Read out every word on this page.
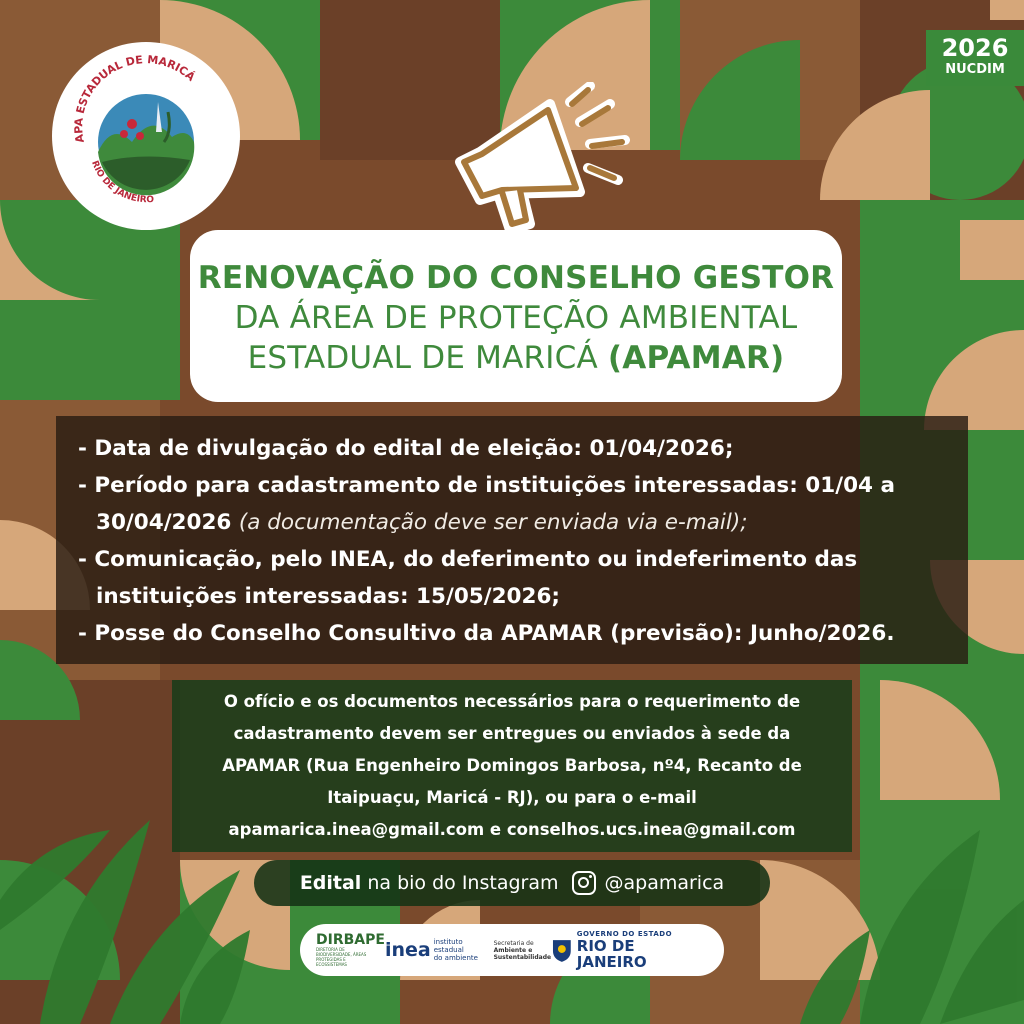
2026
NUCDIM
APA ESTADUAL DE MARICÁ
RIO DE JANEIRO
RENOVAÇÃO DO CONSELHO GESTOR
DA ÁREA DE PROTEÇÃO AMBIENTAL
ESTADUAL DE MARICÁ (APAMAR)
- Data de divulgação do edital de eleição: 01/04/2026;
- Período para cadastramento de instituições interessadas: 01/04 a
30/04/2026 (a documentação deve ser enviada via e-mail);
- Comunicação, pelo INEA, do deferimento ou indeferimento das
instituições interessadas: 15/05/2026;
- Posse do Conselho Consultivo da APAMAR (previsão): Junho/2026.
O ofício e os documentos necessários para o requerimento de
cadastramento devem ser entregues ou enviados à sede da
APAMAR (Rua Engenheiro Domingos Barbosa, nº4, Recanto de
Itaipuaçu, Maricá - RJ), ou para o e-mail
apamarica.inea@gmail.com e conselhos.ucs.inea@gmail.com
Edital na bio do Instagram @apamarica
DIRBAPE
DIRETORIA DE BIODIVERSIDADE, ÁREAS PROTEGIDAS E ECOSSISTEMAS
inea instituto estadual
do ambiente
Secretaria de
Ambiente e
Sustentabilidade
GOVERNO DO ESTADO
RIO DE JANEIRO
